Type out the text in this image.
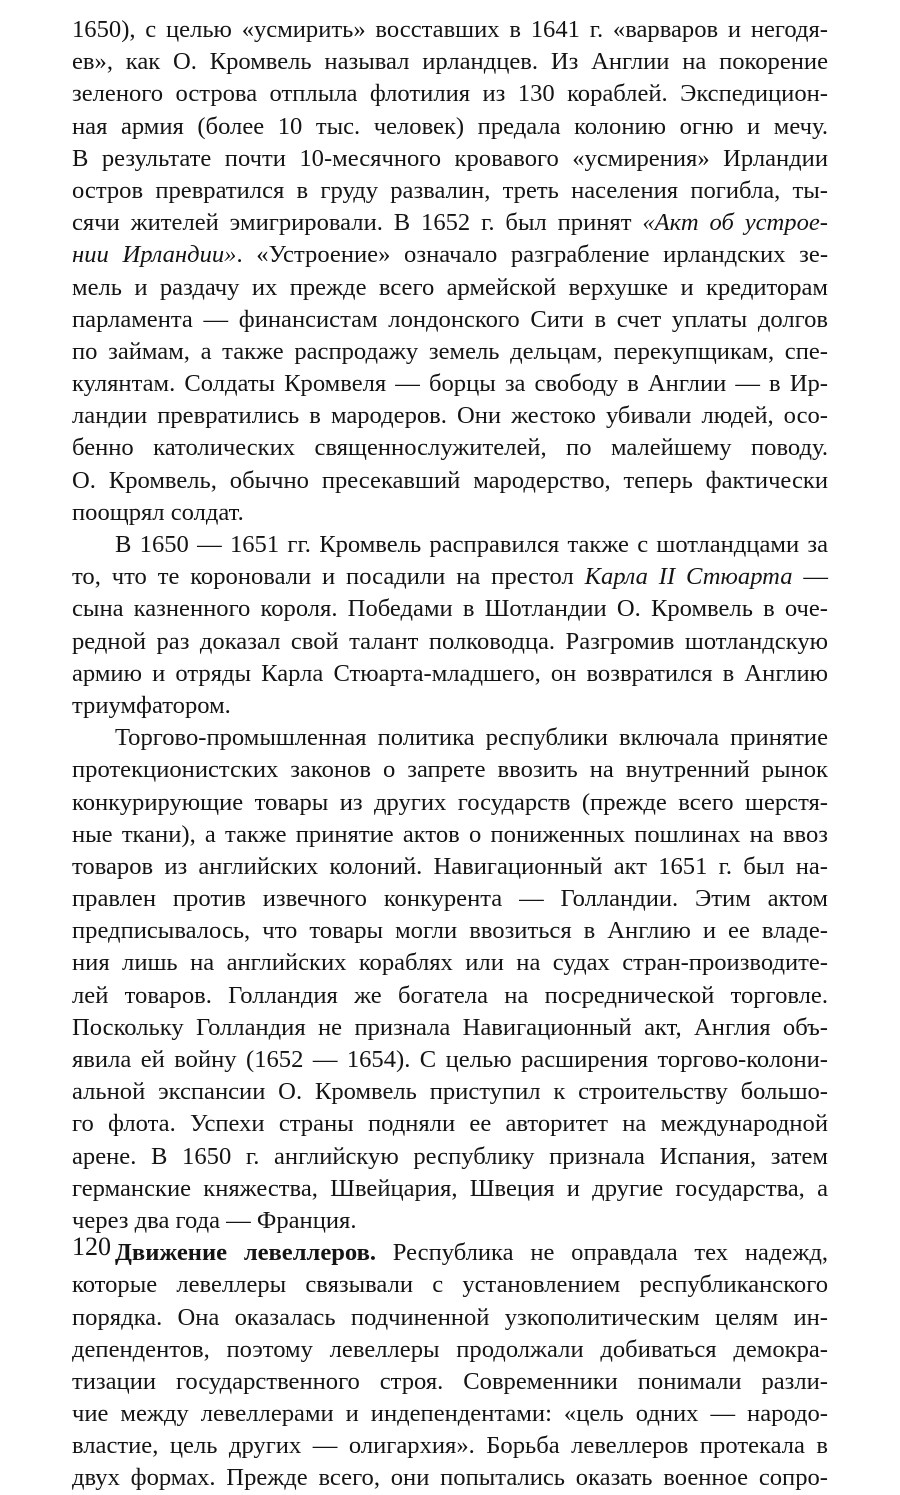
1650), с целью «усмирить» восставших в 1641 г. «варваров и негодя-
ев», как О. Кромвель называл ирландцев. Из Англии на покорение
зеленого острова отплыла флотилия из 130 кораблей. Экспедицион-
ная армия (более 10 тыс. человек) предала колонию огню и мечу.
В результате почти 10-месячного кровавого «усмирения» Ирландии
остров превратился в груду развалин, треть населения погибла, ты-
сячи жителей эмигрировали. В 1652 г. был принят «Акт об устрое-
нии Ирландии». «Устроение» означало разграбление ирландских зе-
мель и раздачу их прежде всего армейской верхушке и кредиторам
парламента — финансистам лондонского Сити в счет уплаты долгов
по займам, а также распродажу земель дельцам, перекупщикам, спе-
кулянтам. Солдаты Кромвеля — борцы за свободу в Англии — в Ир-
ландии превратились в мародеров. Они жестоко убивали людей, осо-
бенно католических священнослужителей, по малейшему поводу.
О. Кромвель, обычно пресекавший мародерство, теперь фактически
поощрял солдат.
В 1650 — 1651 гг. Кромвель расправился также с шотландцами за
то, что те короновали и посадили на престол Карла II Стюарта —
сына казненного короля. Победами в Шотландии О. Кромвель в оче-
редной раз доказал свой талант полководца. Разгромив шотландскую
армию и отряды Карла Стюарта-младшего, он возвратился в Англию
триумфатором.
Торгово-промышленная политика республики включала принятие
протекционистских законов о запрете ввозить на внутренний рынок
конкурирующие товары из других государств (прежде всего шерстя-
ные ткани), а также принятие актов о пониженных пошлинах на ввоз
товаров из английских колоний. Навигационный акт 1651 г. был на-
правлен против извечного конкурента — Голландии. Этим актом
предписывалось, что товары могли ввозиться в Англию и ее владе-
ния лишь на английских кораблях или на судах стран-производите-
лей товаров. Голландия же богатела на посреднической торговле.
Поскольку Голландия не признала Навигационный акт, Англия объ-
явила ей войну (1652 — 1654). С целью расширения торгово-колони-
альной экспансии О. Кромвель приступил к строительству большо-
го флота. Успехи страны подняли ее авторитет на международной
арене. В 1650 г. английскую республику признала Испания, затем
германские княжества, Швейцария, Швеция и другие государства, а
через два года — Франция.
Движение левеллеров. Республика не оправдала тех надежд,
которые левеллеры связывали с установлением республиканского
порядка. Она оказалась подчиненной узкополитическим целям ин-
депендентов, поэтому левеллеры продолжали добиваться демокра-
тизации государственного строя. Современники понимали разли-
чие между левеллерами и индепендентами: «цель одних — народо-
властие, цель других — олигархия». Борьба левеллеров протекала в
двух формах. Прежде всего, они попытались оказать военное сопро-
120
